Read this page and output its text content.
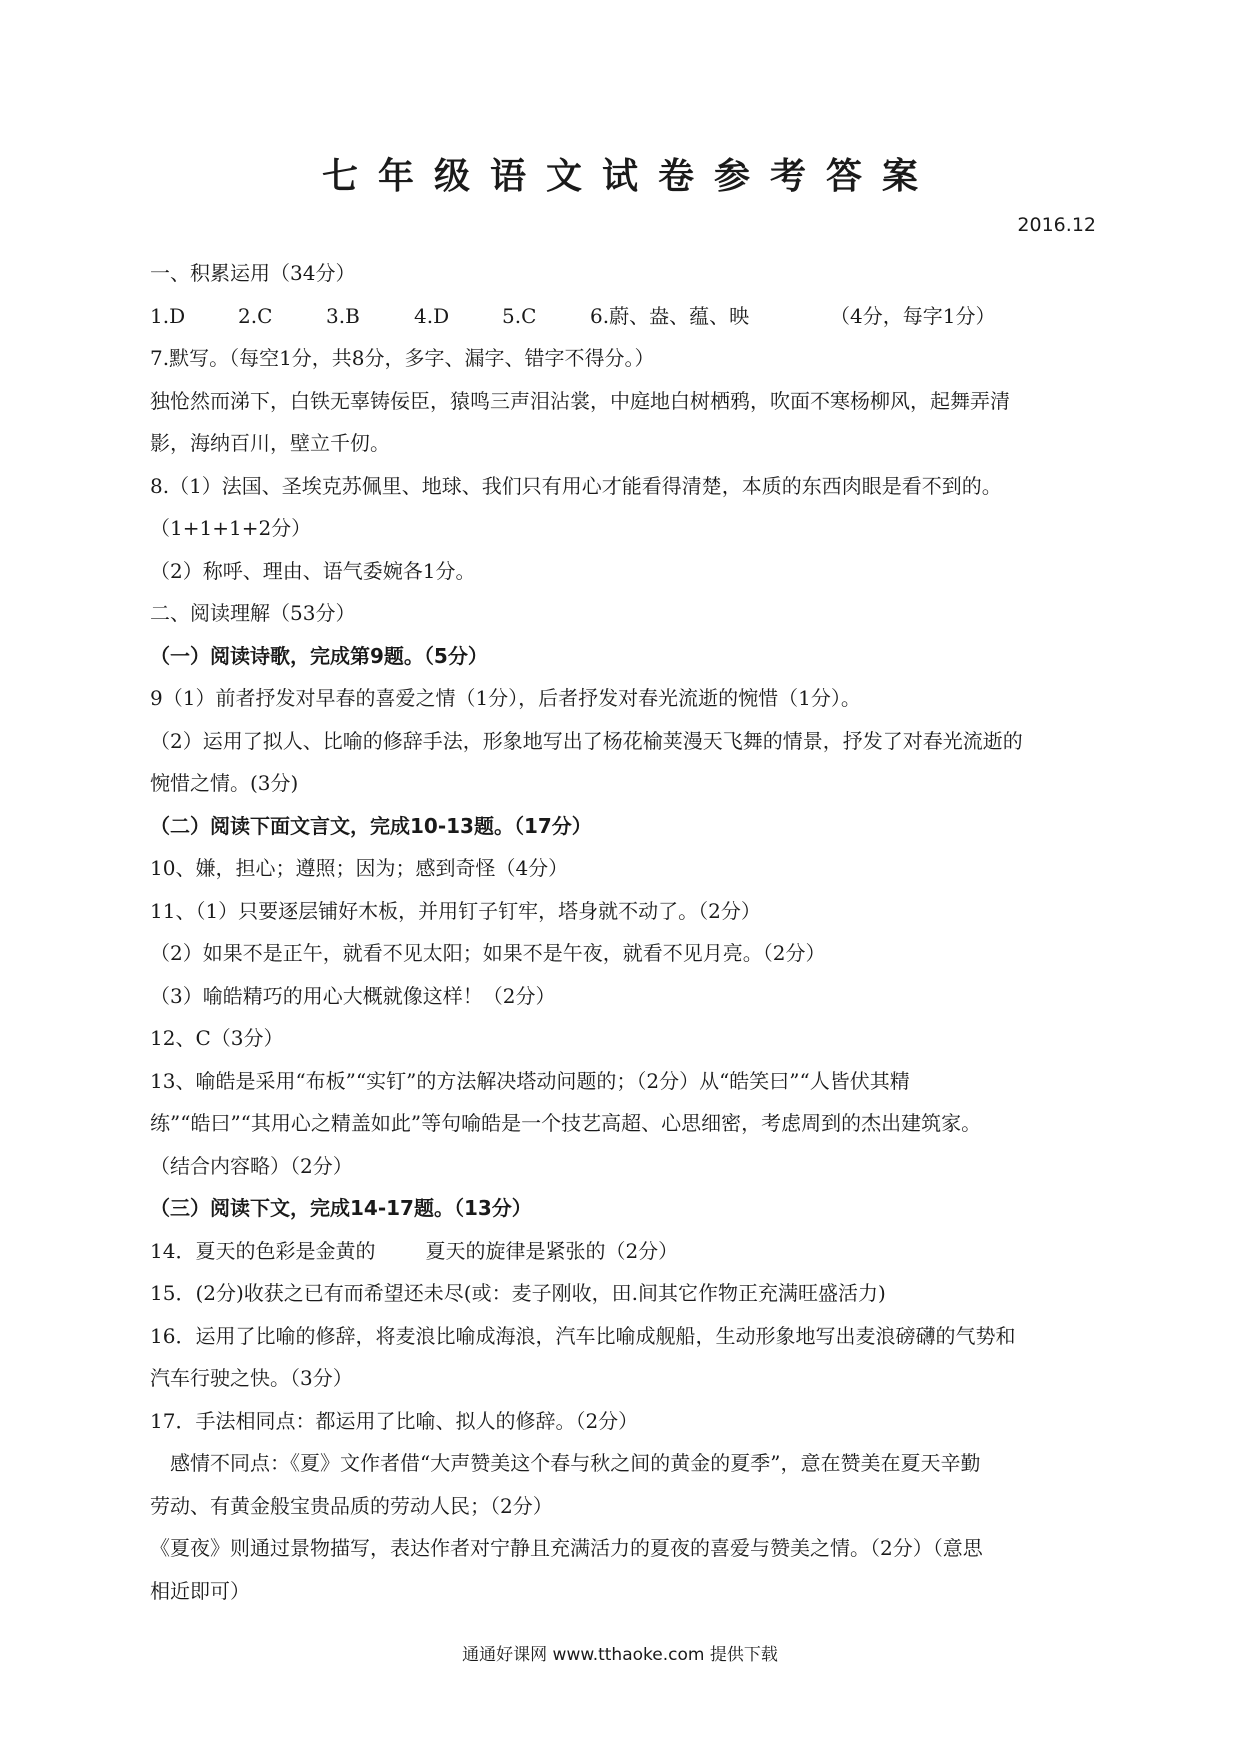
七年级语文试卷参考答案
2016.12
一、积累运用（34分）
1.D	2.C	3.B	4.D	5.C	6.蔚、盎、蕴、映	（4分，每字1分）
7.默写。（每空1分，共8分，多字、漏字、错字不得分。）
独怆然而涕下，白铁无辜铸佞臣，猿鸣三声泪沾裳，中庭地白树栖鸦，吹面不寒杨柳风，起舞弄清
影，海纳百川，壁立千仞。
8.（1）法国、圣埃克苏佩里、地球、我们只有用心才能看得清楚，本质的东西肉眼是看不到的。
（1+1+1+2分）
（2）称呼、理由、语气委婉各1分。
二、阅读理解（53分）
（一）阅读诗歌，完成第9题。（5分）
9（1）前者抒发对早春的喜爱之情（1分），后者抒发对春光流逝的惋惜（1分）。
（2）运用了拟人、比喻的修辞手法，形象地写出了杨花榆荚漫天飞舞的情景，抒发了对春光流逝的
惋惜之情。(3分)
（二）阅读下面文言文，完成10-13题。（17分）
10、嫌，担心；遵照；因为；感到奇怪（4分）
11、（1）只要逐层铺好木板，并用钉子钉牢，塔身就不动了。（2分）
（2）如果不是正午，就看不见太阳；如果不是午夜，就看不见月亮。（2分）
（3）喻皓精巧的用心大概就像这样！（2分）
12、C（3分）
13、喻皓是采用“布板”“实钉”的方法解决塔动问题的；（2分）从“皓笑曰”“人皆伏其精
练”“皓曰”“其用心之精盖如此”等句喻皓是一个技艺高超、心思细密，考虑周到的杰出建筑家。
（结合内容略）（2分）
（三）阅读下文，完成14-17题。（13分）
14．夏天的色彩是金黄的	夏天的旋律是紧张的（2分）
15．(2分)收获之已有而希望还未尽(或：麦子刚收，田.间其它作物正充满旺盛活力)
16．运用了比喻的修辞，将麦浪比喻成海浪，汽车比喻成舰船，生动形象地写出麦浪磅礴的气势和
汽车行驶之快。（3分）
17．手法相同点：都运用了比喻、拟人的修辞。（2分）
感情不同点：《夏》文作者借“大声赞美这个春与秋之间的黄金的夏季”，意在赞美在夏天辛勤
劳动、有黄金般宝贵品质的劳动人民；（2分）
《夏夜》则通过景物描写，表达作者对宁静且充满活力的夏夜的喜爱与赞美之情。（2分）（意思
相近即可）
通通好课网 www.tthaoke.com 提供下载
